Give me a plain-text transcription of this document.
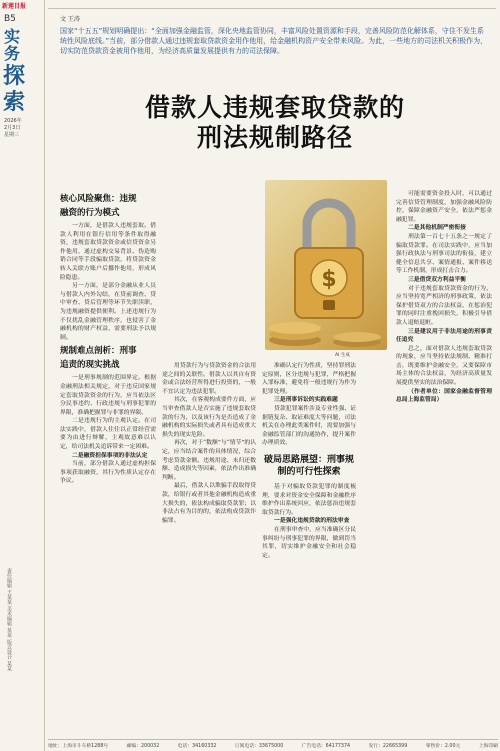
新莲目报
B5
实务
探索
2026年
2月3日
星期三
责任编辑 王某某 美术编辑 某某 版式设计 某某
文 王涛
国家“十五五”规划明确提出：“全面加强金融监管，深化央地监管协同，丰富风险处置资源和手段，完善风险防范化解体系，守住不发生系统性风险底线。”当前，部分借款人通过违规套取贷款资金用作他用，给金融机构资产安全带来风险。为此，一些地方的司法机关积极作为，切实防范贷款资金被用作他用，为经济高质量发展提供有力的司法保障。
借款人违规套取贷款的
刑法规制路径
$
AI 生成
核心风险聚焦：违规
融资的行为模式

一方面，是借款人违规套取。借款人利用在银行信用等条件取得融资，违规套取贷款资金或信贷资金另作他用，通过虚构交易背景、伪造购销合同等手段骗取贷款，将贷款资金转入关联方账户后挪作他用，形成风险隐患。

另一方面，是部分金融从业人员与借款人内外勾结，在贷前调查、贷中审查、贷后管理等环节失职渎职，为违规融资提供便利。上述违规行为不仅扰乱金融管理秩序，也侵害了金融机构的财产权益，需要刑法予以规制。

规制难点剖析：刑事
追责的现实挑战

一是刑事规制的范围界定。根据金融刑法相关规定，对于违反国家规定套取贷款资金的行为，应当依法区分民事违约、行政违规与刑事犯罪的界限，准确把握罪与非罪的界限。

二是违规行为的主观认定。在司法实践中，借款人往往以正常经营需要为由进行辩解，主观故意难以认定，给司法机关追诉带来一定困难。

二是融资担保事项的非法认定

当前，部分借款人通过虚构担保事项获取融资，其行为性质认定存在争议。

用贷款行为与贷款资金的合法用途之间的关联性。借款人以其自有资金或合法经营所得进行投资的，一般不宜认定为违法犯罪。

其次，在客观构成要件方面，应当审查借款人是否实施了违规套取贷款的行为，以及该行为是否造成了金融机构的实际损失或者具有造成重大损失的现实危险。

再次，对于“数额”与“情节”的认定，应当结合案件的具体情况，综合考虑贷款金额、违规用途、未归还数额、造成损失等因素，依法作出准确判断。

最后，借款人以欺骗手段取得贷款，给银行或者其他金融机构造成重大损失的，依法构成骗取贷款罪；以非法占有为目的的，依法构成贷款诈骗罪。

准确认定行为性质，坚持罪刑法定原则，区分违规与犯罪，严格把握入罪标准，避免将一般违规行为作为犯罪处理。

三是刑事诉讼的实践难题

贷款犯罪案件涉及专业性强、证据链复杂、取证难度大等问题，司法机关在办理此类案件时，需要加强与金融监管部门的沟通协作，提升案件办理质效。

破局思路展望：刑事规
制的可行性探索

基于对骗取贷款犯罪的制度梳理，要求对资金安全保障和金融秩序维护作出系统回应，依法惩治违规套取贷款行为。

一是强化违规贷款的刑法审查

在刑事审查中，应当准确区分民事纠纷与刑事犯罪的界限，做到罚当其罪，切实维护金融安全和社会稳定。

可能需要资金投入时，可以通过完善信贷管理制度，加强金融风险防控，保障金融资产安全，依法严惩金融犯罪。

二是其他机制严密衔接

刑法第一百七十五条之一规定了骗取贷款罪。在司法实践中，应当加强行政执法与刑事司法的衔接，建立健全信息共享、案情通报、案件移送等工作机制，形成打击合力。

三是借贷双方利益平衡

对于违规套取贷款资金的行为，应当坚持宽严相济的刑事政策，依法保护借贷双方的合法权益，在惩治犯罪的同时注重挽回损失，积极引导借款人退赔退赃。

三是建议用于非法用途的刑事责任追究

总之，面对借款人违规套取贷款的现象，应当坚持依法规制、精准打击，既要维护金融安全，又要保障市场主体的合法权益，为经济高质量发展提供坚实的法治保障。

（作者单位：国家金融监督管理总局上海监管局）

地址：上海市斗车桥1288号	邮编：200032	电话：34160332	订阅电话：33675000	广告电话：64177374	发行：22665399	零售价：2.00元	上海印刷
